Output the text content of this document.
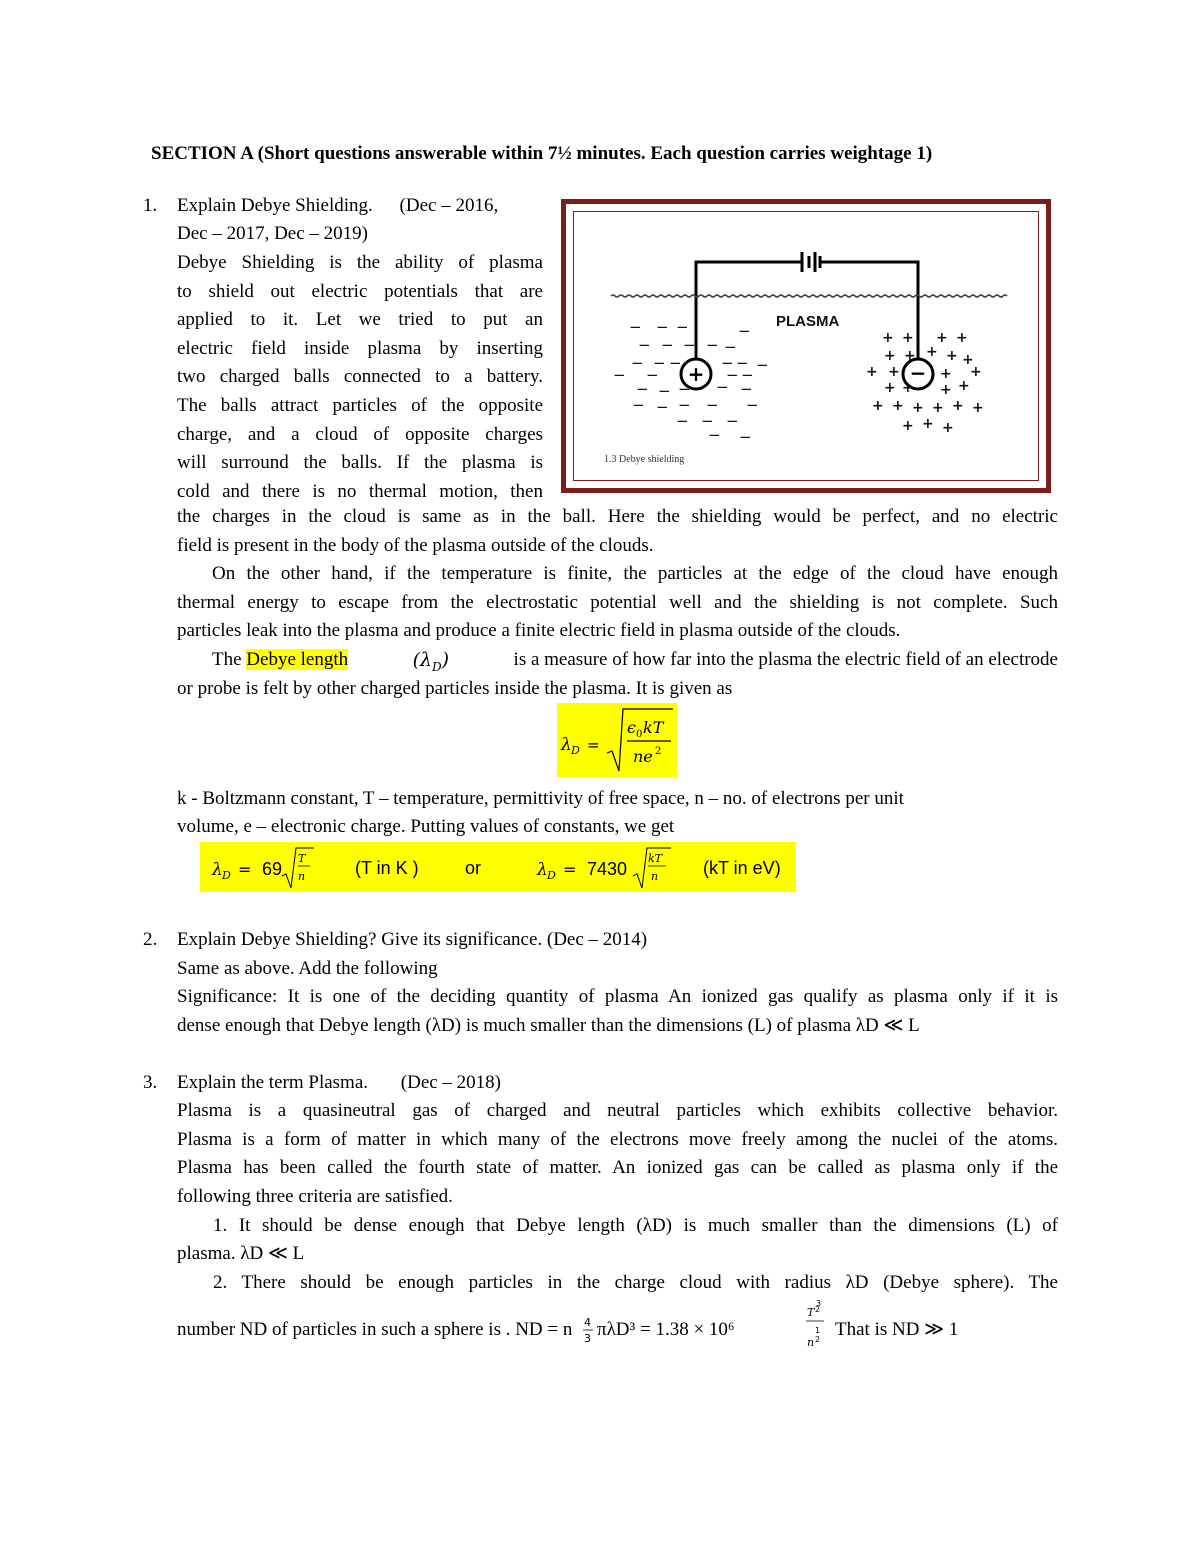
SECTION A (Short questions answerable within 7½ minutes. Each question carries weightage 1)
1. Explain Debye Shielding. (Dec – 2016,
Dec – 2017, Dec – 2019)
Debye Shielding is the ability of plasma
to shield out electric potentials that are
applied to it. Let we tried to put an
electric field inside plasma by inserting
two charged balls connected to a battery.
The balls attract particles of the opposite
charge, and a cloud of opposite charges
will surround the balls. If the plasma is
cold and there is no thermal motion, then
PLASMA
+	−
− − −	−
− − − − −
− − −	− − −
− −	− −
− − − − −
− − − − −
− − −
−
−
+ + + +
+ + + + +
+ +	+ +
+ + + +
+ + + + + +
+ + +
1.3 Debye shielding
the charges in the cloud is same as in the ball. Here the shielding would be perfect, and no electric
field is present in the body of the plasma outside of the clouds.
On the other hand, if the temperature is finite, the particles at the edge of the cloud have enough
thermal energy to escape from the electrostatic potential well and the shielding is not complete. Such
particles leak into the plasma and produce a finite electric field in plasma outside of the clouds.
The Debye length	$(\lambda_D)$	is a measure of how far into the plasma the electric field of an electrode
or probe is felt by other charged particles inside the plasma. It is given as
λ D =
ϵ 0 kT
ne 2
k - Boltzmann constant, T – temperature, permittivity of free space, n – no. of electrons per unit
volume, e – electronic charge. Putting values of constants, we get
λ D = 69
T
n	(T in K )	or	λ D = 7430
kT
n (kT in eV)
2. Explain Debye Shielding? Give its significance. (Dec – 2014)
Same as above. Add the following
Significance: It is one of the deciding quantity of plasma An ionized gas qualify as plasma only if it is
dense enough that Debye length (λD) is much smaller than the dimensions (L) of plasma λD ≪ L
3. Explain the term Plasma. (Dec – 2018)
Plasma is a quasineutral gas of charged and neutral particles which exhibits collective behavior.
Plasma is a form of matter in which many of the electrons move freely among the nuclei of the atoms.
Plasma has been called the fourth state of matter. An ionized gas can be called as plasma only if the
following three criteria are satisfied.
1. It should be dense enough that Debye length (λD) is much smaller than the dimensions (L) of
plasma. λD ≪ L
2. There should be enough particles in the charge cloud with radius λD (Debye sphere). The
number ND of particles in such a sphere is . ND = n 4
3 πλD³ = 1.38 × 10⁶
3
T 2
1
n 2 That is ND ≫ 1
